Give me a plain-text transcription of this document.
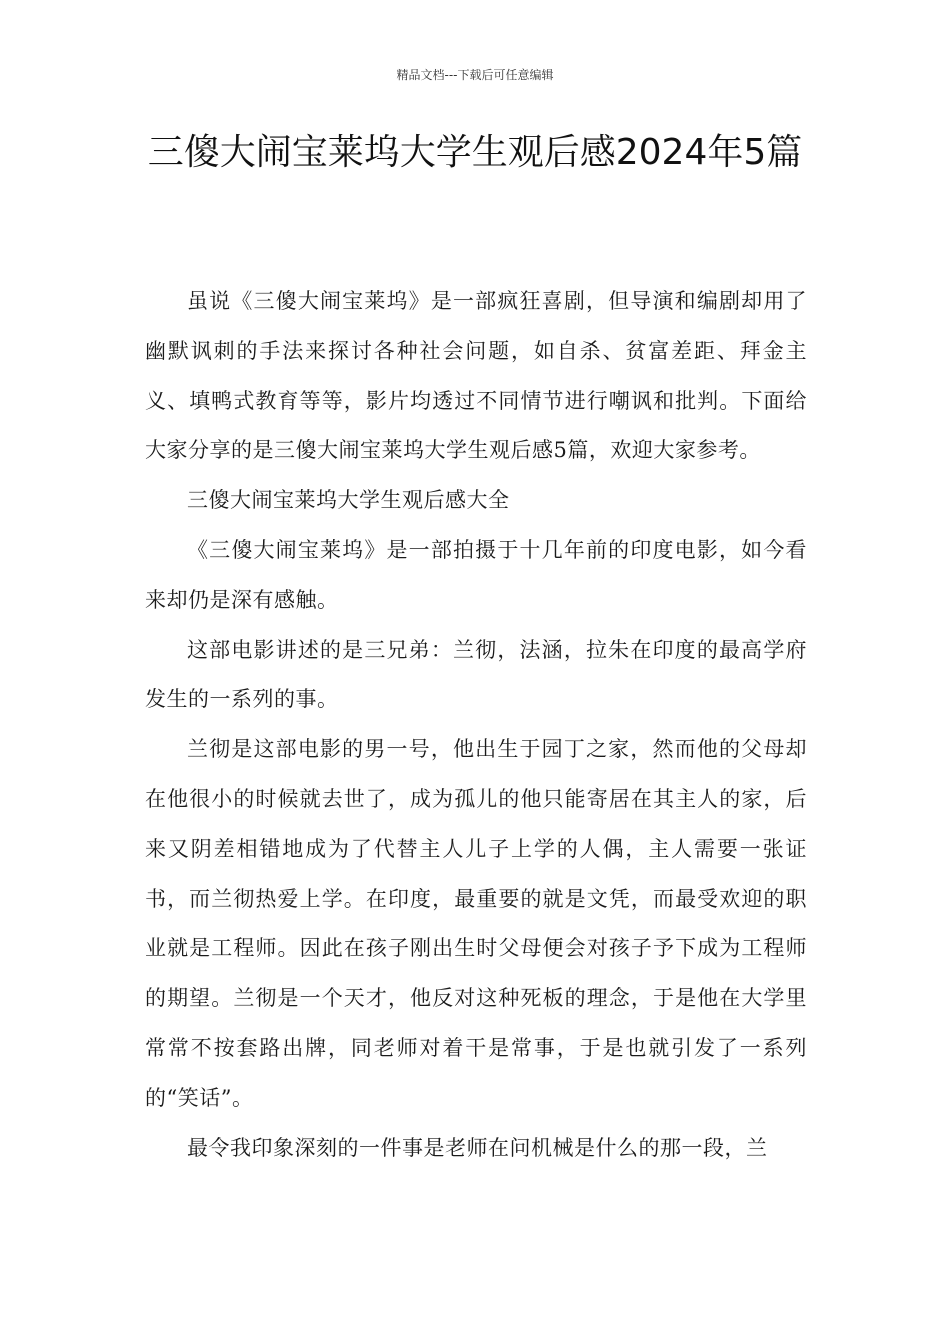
精品文档---下载后可任意编辑
三傻大闹宝莱坞大学生观后感2024年5篇

虽说《三傻大闹宝莱坞》是一部疯狂喜剧，但导演和编剧却用了幽默讽刺的手法来探讨各种社会问题，如自杀、贫富差距、拜金主义、填鸭式教育等等，影片均透过不同情节进行嘲讽和批判。下面给大家分享的是三傻大闹宝莱坞大学生观后感5篇，欢迎大家参考。

三傻大闹宝莱坞大学生观后感大全

《三傻大闹宝莱坞》是一部拍摄于十几年前的印度电影，如今看来却仍是深有感触。

这部电影讲述的是三兄弟：兰彻，法涵，拉朱在印度的最高学府发生的一系列的事。

兰彻是这部电影的男一号，他出生于园丁之家，然而他的父母却在他很小的时候就去世了，成为孤儿的他只能寄居在其主人的家，后来又阴差相错地成为了代替主人儿子上学的人偶，主人需要一张证书，而兰彻热爱上学。在印度，最重要的就是文凭，而最受欢迎的职业就是工程师。因此在孩子刚出生时父母便会对孩子予下成为工程师的期望。兰彻是一个天才，他反对这种死板的理念，于是他在大学里常常不按套路出牌，同老师对着干是常事，于是也就引发了一系列的“笑话”。

最令我印象深刻的一件事是老师在问机械是什么的那一段，兰
